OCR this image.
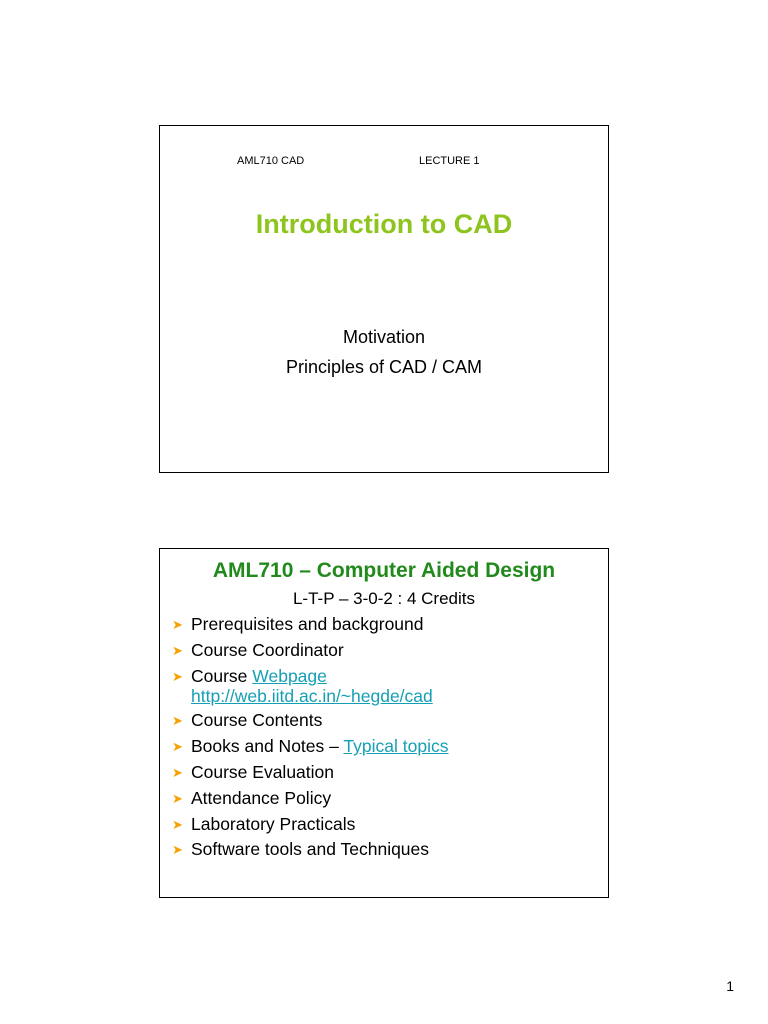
AML710 CAD	LECTURE 1
Introduction to CAD
Motivation
Principles of CAD / CAM
AML710 – Computer Aided Design
L-T-P – 3-0-2 : 4 Credits
➤ Prerequisites and background
➤ Course Coordinator
➤ Course Webpage
http://web.iitd.ac.in/~hegde/cad
➤ Course Contents
➤ Books and Notes – Typical topics
➤ Course Evaluation
➤ Attendance Policy
➤ Laboratory Practicals
➤ Software tools and Techniques
1
